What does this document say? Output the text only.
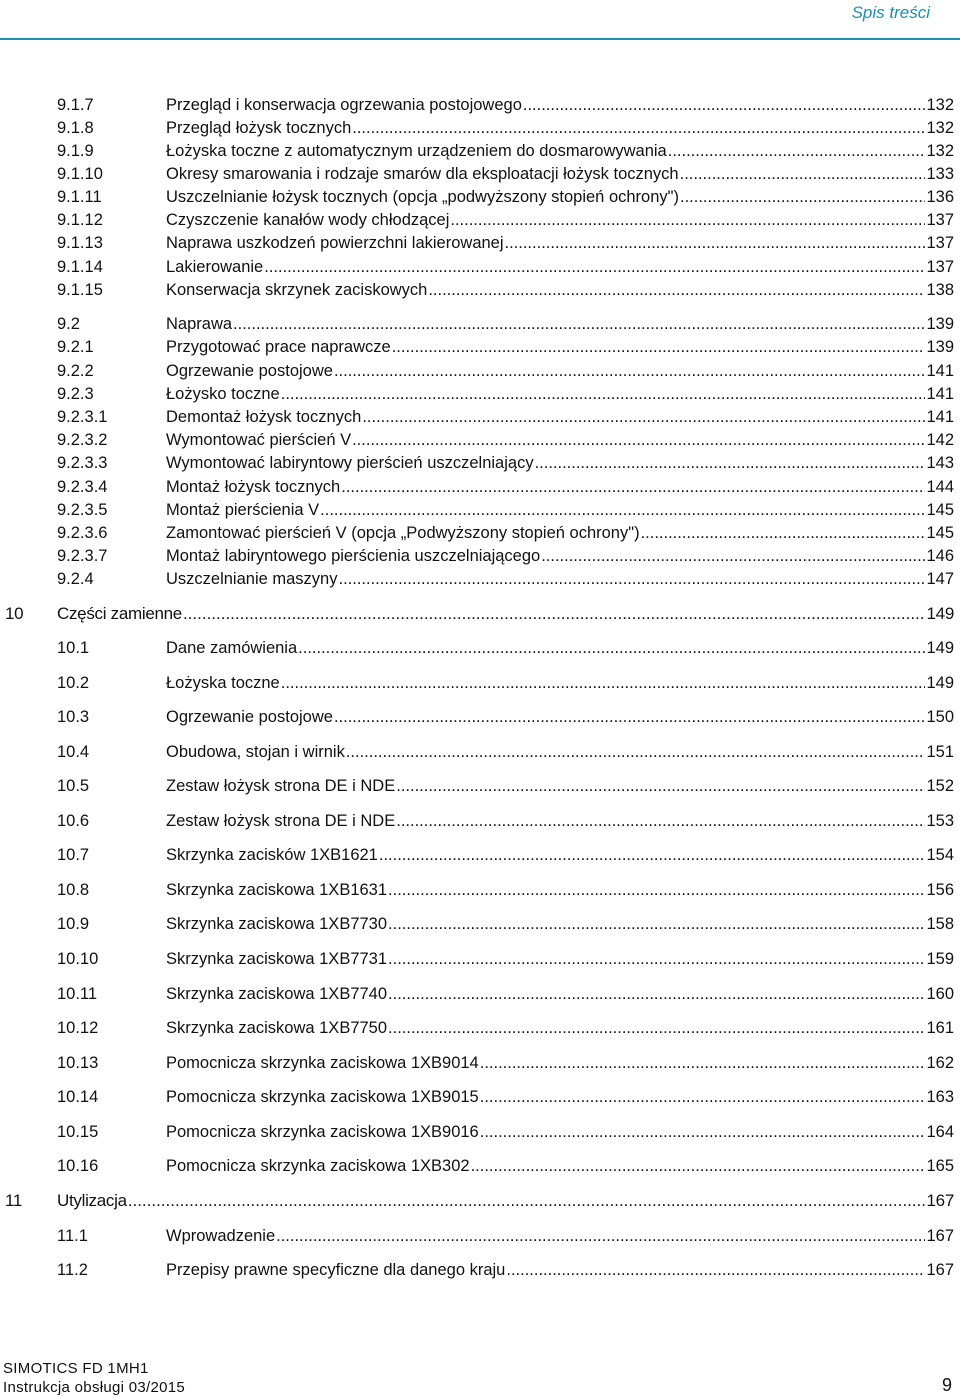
Spis treści
9.1.7	Przegląd i konserwacja ogrzewania postojowego .....	132
9.1.8	Przegląd łożysk tocznych .....	132
9.1.9	Łożyska toczne z automatycznym urządzeniem do dosmarowywania .....	132
9.1.10	Okresy smarowania i rodzaje smarów dla eksploatacji łożysk tocznych .....	133
9.1.11	Uszczelnianie łożysk tocznych (opcja „podwyższony stopień ochrony") .....	136
9.1.12	Czyszczenie kanałów wody chłodzącej .....	137
9.1.13	Naprawa uszkodzeń powierzchni lakierowanej .....	137
9.1.14	Lakierowanie .....	137
9.1.15	Konserwacja skrzynek zaciskowych .....	138
9.2	Naprawa .....	139
9.2.1	Przygotować prace naprawcze .....	139
9.2.2	Ogrzewanie postojowe .....	141
9.2.3	Łożysko toczne .....	141
9.2.3.1	Demontaż łożysk tocznych .....	141
9.2.3.2	Wymontować pierścień V .....	142
9.2.3.3	Wymontować labiryntowy pierścień uszczelniający .....	143
9.2.3.4	Montaż łożysk tocznych .....	144
9.2.3.5	Montaż pierścienia V .....	145
9.2.3.6	Zamontować pierścień V (opcja „Podwyższony stopień ochrony") .....	145
9.2.3.7	Montaż labiryntowego pierścienia uszczelniającego .....	146
9.2.4	Uszczelnianie maszyny .....	147
10 Części zamienne .....	149
10.1	Dane zamówienia .....	149
10.2	Łożyska toczne .....	149
10.3	Ogrzewanie postojowe .....	150
10.4	Obudowa, stojan i wirnik .....	151
10.5	Zestaw łożysk strona DE i NDE .....	152
10.6	Zestaw łożysk strona DE i NDE .....	153
10.7	Skrzynka zacisków 1XB1621 .....	154
10.8	Skrzynka zaciskowa 1XB1631 .....	156
10.9	Skrzynka zaciskowa 1XB7730 .....	158
10.10	Skrzynka zaciskowa 1XB7731 .....	159
10.11	Skrzynka zaciskowa 1XB7740 .....	160
10.12	Skrzynka zaciskowa 1XB7750 .....	161
10.13	Pomocnicza skrzynka zaciskowa 1XB9014 .....	162
10.14	Pomocnicza skrzynka zaciskowa 1XB9015 .....	163
10.15	Pomocnicza skrzynka zaciskowa 1XB9016 .....	164
10.16	Pomocnicza skrzynka zaciskowa 1XB302 .....	165
11 Utylizacja .....	167
11.1	Wprowadzenie .....	167
11.2	Przepisy prawne specyficzne dla danego kraju .....	167
SIMOTICS FD 1MH1
Instrukcja obsługi 03/2015	9
